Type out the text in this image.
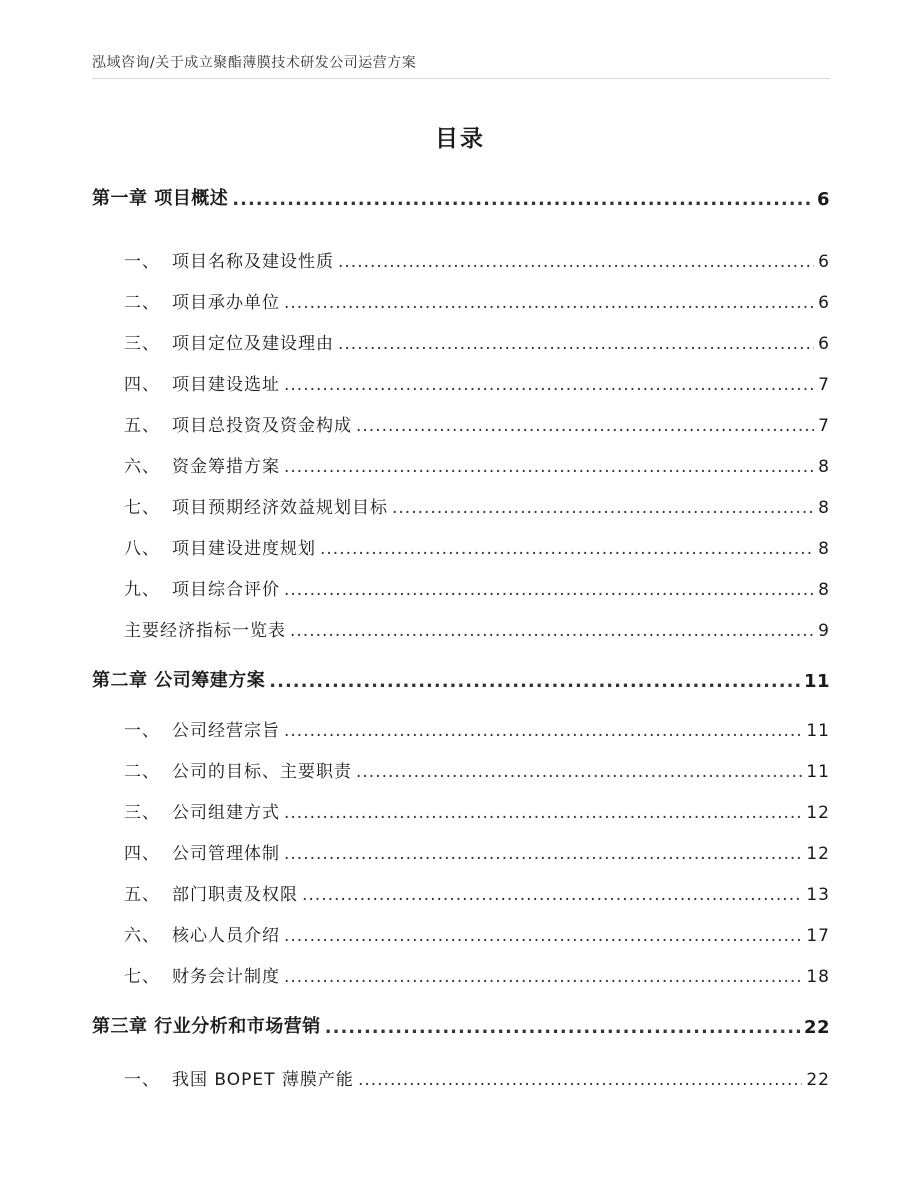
泓域咨询/关于成立聚酯薄膜技术研发公司运营方案
目录
第一章 项目概述 .....	6
一、 项目名称及建设性质 .....	6
二、 项目承办单位 .....	6
三、 项目定位及建设理由 .....	6
四、 项目建设选址 .....	7
五、 项目总投资及资金构成 .....	7
六、 资金筹措方案 .....	8
七、 项目预期经济效益规划目标 .....	8
八、 项目建设进度规划 .....	8
九、 项目综合评价 .....	8
主要经济指标一览表 .....	9
第二章 公司筹建方案 .....	11
一、 公司经营宗旨 .....	11
二、 公司的目标、主要职责 .....	11
三、 公司组建方式 .....	12
四、 公司管理体制 .....	12
五、 部门职责及权限 .....	13
六、 核心人员介绍 .....	17
七、 财务会计制度 .....	18
第三章 行业分析和市场营销 .....	22
一、 我国 BOPET 薄膜产能 .....	22
